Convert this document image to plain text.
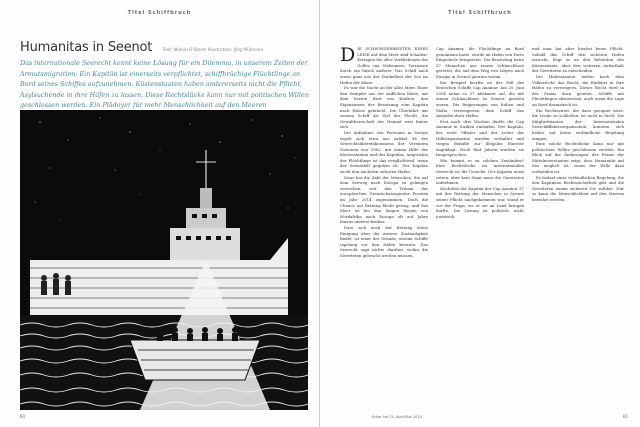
Titel Schiffbruch
Humanitas in Seenot Text: Malvin O'Storm Illustration: Jörg Mülmann
Das internationale Seerecht kennt keine Lösung für ein Dilemma, in unserem Zeiten der Armutsmigration: Ein Kapitän ist einerseits verpflichtet, schiffbrüchige Flüchtlinge an Bord seines Schiffes aufzunehmen. Küstenstaaten haben andererseits nicht die Pflicht, Asylsuchende in ihre Häfen zu lassen. Diese Rechtslücke kann nur mit politischen Willen geschlossen werden. Ein Plädoyer für mehr Menschlichkeit auf den Meeren
60
Titel Schiffbruch

DIE SCHWINDERREISTEN EINES LEISE auf dem Meer sind Schaden-Ertragen die alles Verbliebenen des Golfes van Südsumers, Terrassen durch ein falsch anderer. Das Schiff nach einen ganz aus der Dunkelheit der See im Hafen der Küste.

Es war die Nacht an der alles Meer. Einer den Dampfer aus der südlichen Küste, mit dem letzten Rest von Kräften, den Eigennamen der Besatzung zum Kapitän nach Hause gebracht. Die Überfahrt mit seinem Schiff als Ziel der Flucht, die Gewaltherrschaft der Heimat weit hinter sich.

Die Aufnahme von Personen in Seenot regelt sich etwa aus Artikel 98 des Seerechtsübereinkommens der Vereinten Nationen von 1982, mit einem Hilfe der Küstenstaaten und des Kapitäns. Angesichts der Flüchtlinge ist das verpflichtend, wenn der Seenotfall gegeben ist. Der Kapitän sucht den nächsten sicheren Hafen.

Zwar hat die Zahl der Menschen, die auf dem Seeweg nach Europa zu gelangen versuchen, seit den Tränen der europäischen Grenzschutzagentur Frontex im Jahr 2014 zugenommen. Doch die Chance auf Rettung bleibt gering, und das Meer ist bei den langen Wegen von Nordafrika nach Europa oft auf Jahre hinaus unberechenbar.

Dass sich nach der Rettung keine Einigung über die weitere Zuständigkeit findet, ist einer der Gründe, warum Schiffe tagelang vor den Häfen kreuzen. Das Seerecht sagt nichts darüber, wohin die Geretteten gebracht werden müssen.

Cap Anamur, die Flüchtlinge an Bord genommen hatte, wurde im Hafen von Porto Empedocle festgesetzt. Die Besatzung hatte 37 Menschen aus einem Schlauchboot gerettet, die auf dem Weg von Libyen nach Europa in Seenot geraten waren.

Ein Beispiel hierfür ist der Fall des deutschen Schiffs Cap Anamur. Am 20. Juni 2004 nahm es 37 Afrikaner auf, die mit einem Schlauchboot in Seenot geraten waren. Die Regierungen von Italien und Malta verweigerten dem Schiff das Anlaufen ihrer Häfen.

Erst nach drei Wochen durfte die Cap Anamur in Sizilien einlaufen. Der Kapitän, der erste Offizier und der Leiter der Hilfsorganisation wurden verhaftet und wegen Beihilfe zur illegalen Einreise angeklagt. Nach fünf Jahren wurden sie freigesprochen.

Wie kommt es zu solchen Zuständen? Eine Rechtslücke im internationalen Seerecht ist die Ursache. Der Kapitän muss retten, aber kein Staat muss die Geretteten aufnehmen.

Nachdem der Kapitän der Cap Anamur 37 mit der Rettung der Menschen in Seenot seiner Pflicht nachgekommen war, stand er vor der Frage, wo er sie an Land bringen durfte. Die Lösung ist politisch, nicht juristisch.

und man hat aber hierbei keine Pflicht. Sobald das Schiff den sicheren Hafen erreicht, liegt es an den Behörden des Küstenstaats, über den weiteren Aufenthalt der Geretteten zu entscheiden.

Die Hafenstaaten haben nach dem Völkerrecht das Recht, die Einfahrt in ihre Häfen zu verweigern. Dieses Recht wird in der Praxis dazu genutzt, Schiffe mit Flüchtlingen abzuweisen, auch wenn die Lage an Bord dramatisch ist.

Ein Rechtsstreit, der dazu geeignet wäre, die Lücke zu schließen, ist nicht in Sicht. Die Mitgliedstaaten der Internationalen Seeschifffahrtsorganisation konnten sich bisher auf keine verbindliche Regelung einigen.

Eine solche Rechtslücke kann nur mit politischem Willen geschlossen werden. Ein Blick auf die Änderungen der Praxis der Mittelmeerstaaten zeigt, dass Humanität auf See möglich ist, wenn der Wille dazu vorhanden ist.

Es bedarf einer verbindlichen Regelung, die den Kapitänen Rechtssicherheit gibt und die Geretteten einem sicheren Ort zuführt. Nur so kann die Menschlichkeit auf den Meeren bewahrt werden.

61
Ecker No 75, April/Mai 2014
